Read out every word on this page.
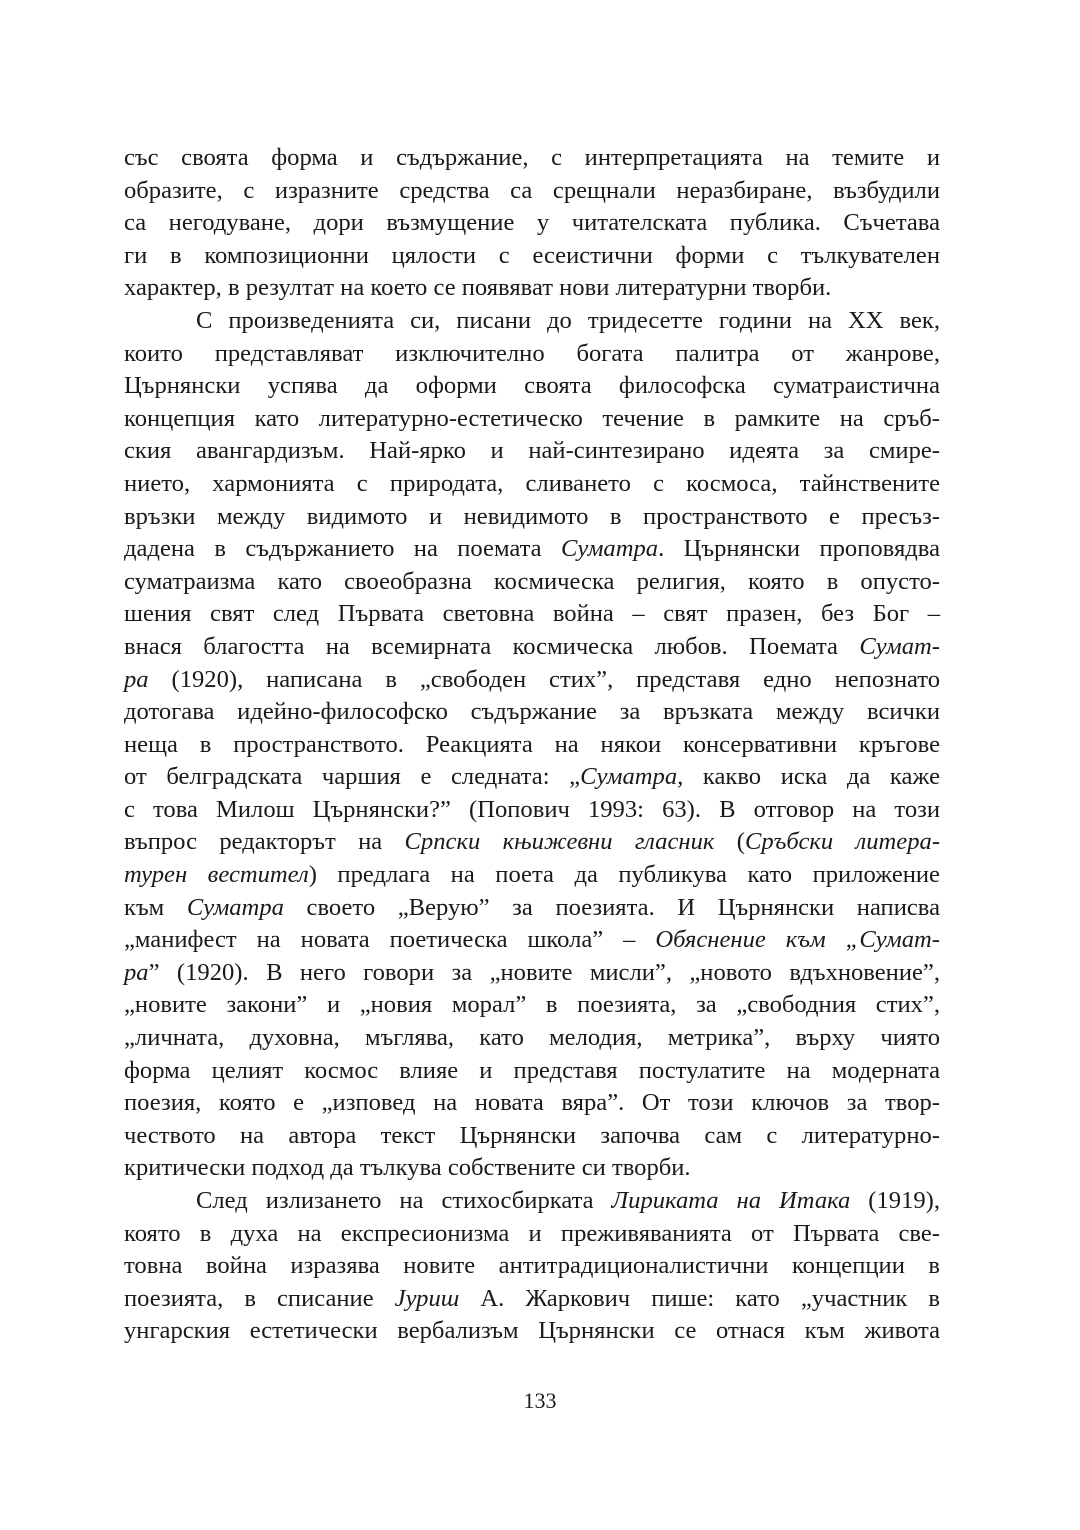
със своята форма и съдържание, с интерпретацията на темите и
образите, с изразните средства са срещнали неразбиране, възбудили
са негодуване, дори възмущение у читателската публика. Съчетава
ги в композиционни цялости с есеистични форми с тълкувателен
характер, в резултат на което се появяват нови литературни творби.
С произведенията си, писани до тридесетте години на XX век,
които представляват изключително богата палитра от жанрове,
Църнянски успява да оформи своята философска суматраистична
концепция като литературно-естетическо течение в рамките на сръб-
ския авангардизъм. Най-ярко и най-синтезирано идеята за смире-
нието, хармонията с природата, сливането с космоса, тайнствените
връзки между видимото и невидимото в пространството е пресъз-
дадена в съдържанието на поемата Суматра. Църнянски проповядва
суматраизма като своеобразна космическа религия, която в опусто-
шения свят след Първата световна война – свят празен, без Бог –
внася благостта на всемирната космическа любов. Поемата Сумат-
ра (1920), написана в „свободен стих”, представя едно непознато
дотогава идейно-философско съдържание за връзката между всички
неща в пространството. Реакцията на някои консервативни кръгове
от белградската чаршия е следната: „Суматра, какво иска да каже
с това Милош Църнянски?” (Попович 1993: 63). В отговор на този
въпрос редакторът на Српски књижевни гласник (Сръбски литера-
турен вестител) предлага на поета да публикува като приложение
към Суматра своето „Верую” за поезията. И Църнянски написва
„манифест на новата поетическа школа” – Обяснение към „Сумат-
ра” (1920). В него говори за „новите мисли”, „новото вдъхновение”,
„новите закони” и „новия морал” в поезията, за „свободния стих”,
„личната, духовна, мъглява, като мелодия, метрика”, върху чиято
форма целият космос влияе и представя постулатите на модерната
поезия, която е „изповед на новата вяра”. От този ключов за твор-
чеството на автора текст Църнянски започва сам с литературно-
критически подход да тълкува собствените си творби.
След излизането на стихосбирката Лириката на Итака (1919),
която в духа на експресионизма и преживяванията от Първата све-
товна война изразява новите антитрадиционалистични концепции в
поезията, в списание Јуриш А. Жаркович пише: като „участник в
унгарския естетически вербализъм Църнянски се отнася към живота
133
